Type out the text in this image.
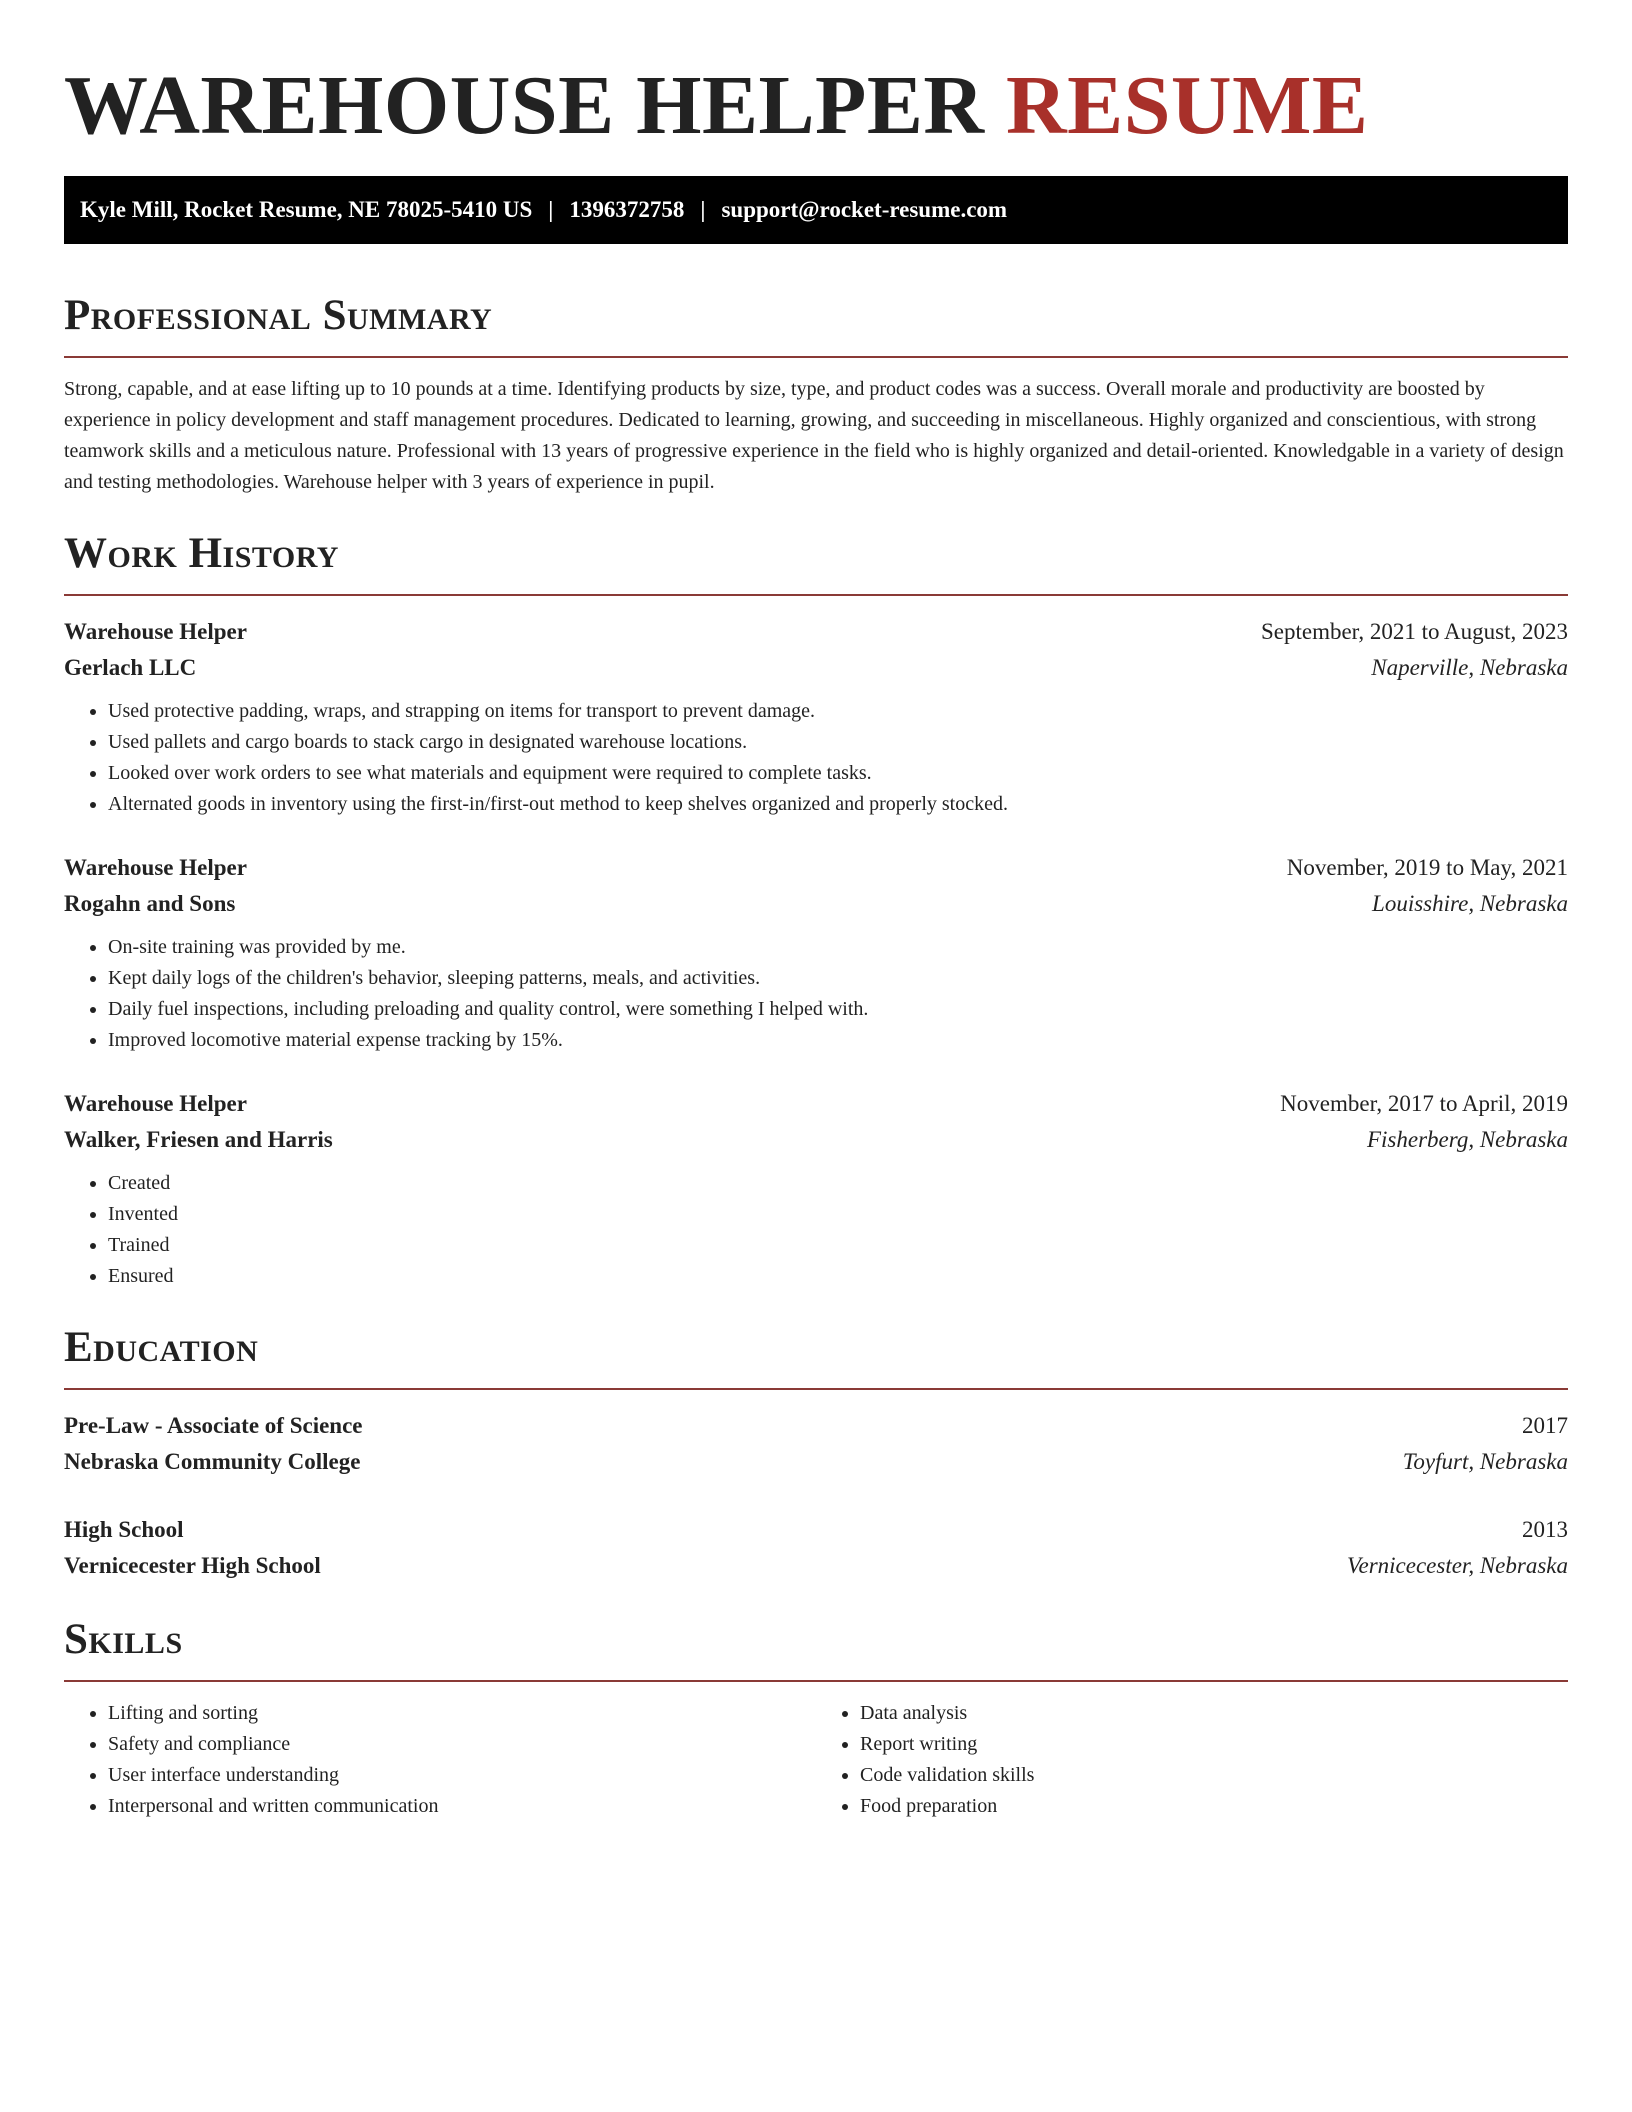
WAREHOUSE HELPER RESUME
Kyle Mill, Rocket Resume, NE 78025-5410 US | 1396372758 | support@rocket-resume.com
Professional Summary

Strong, capable, and at ease lifting up to 10 pounds at a time. Identifying products by size, type, and product codes was a success. Overall morale and productivity are boosted by experience in policy development and staff management procedures. Dedicated to learning, growing, and succeeding in miscellaneous. Highly organized and conscientious, with strong teamwork skills and a meticulous nature. Professional with 13 years of progressive experience in the field who is highly organized and detail-oriented. Knowledgable in a variety of design and testing methodologies. Warehouse helper with 3 years of experience in pupil.

Work History
Warehouse Helper	September, 2021 to August, 2023
Gerlach LLC	Naperville, Nebraska
• Used protective padding, wraps, and strapping on items for transport to prevent damage.
• Used pallets and cargo boards to stack cargo in designated warehouse locations.
• Looked over work orders to see what materials and equipment were required to complete tasks.
• Alternated goods in inventory using the first-in/first-out method to keep shelves organized and properly stocked.
Warehouse Helper	November, 2019 to May, 2021
Rogahn and Sons	Louisshire, Nebraska
• On-site training was provided by me.
• Kept daily logs of the children's behavior, sleeping patterns, meals, and activities.
• Daily fuel inspections, including preloading and quality control, were something I helped with.
• Improved locomotive material expense tracking by 15%.
Warehouse Helper	November, 2017 to April, 2019
Walker, Friesen and Harris	Fisherberg, Nebraska
• Created
• Invented
• Trained
• Ensured
Education
Pre-Law - Associate of Science	2017
Nebraska Community College	Toyfurt, Nebraska
High School	2013
Vernicecester High School	Vernicecester, Nebraska
Skills
• Lifting and sorting
• Safety and compliance
• User interface understanding
• Interpersonal and written communication
• Data analysis
• Report writing
• Code validation skills
• Food preparation
